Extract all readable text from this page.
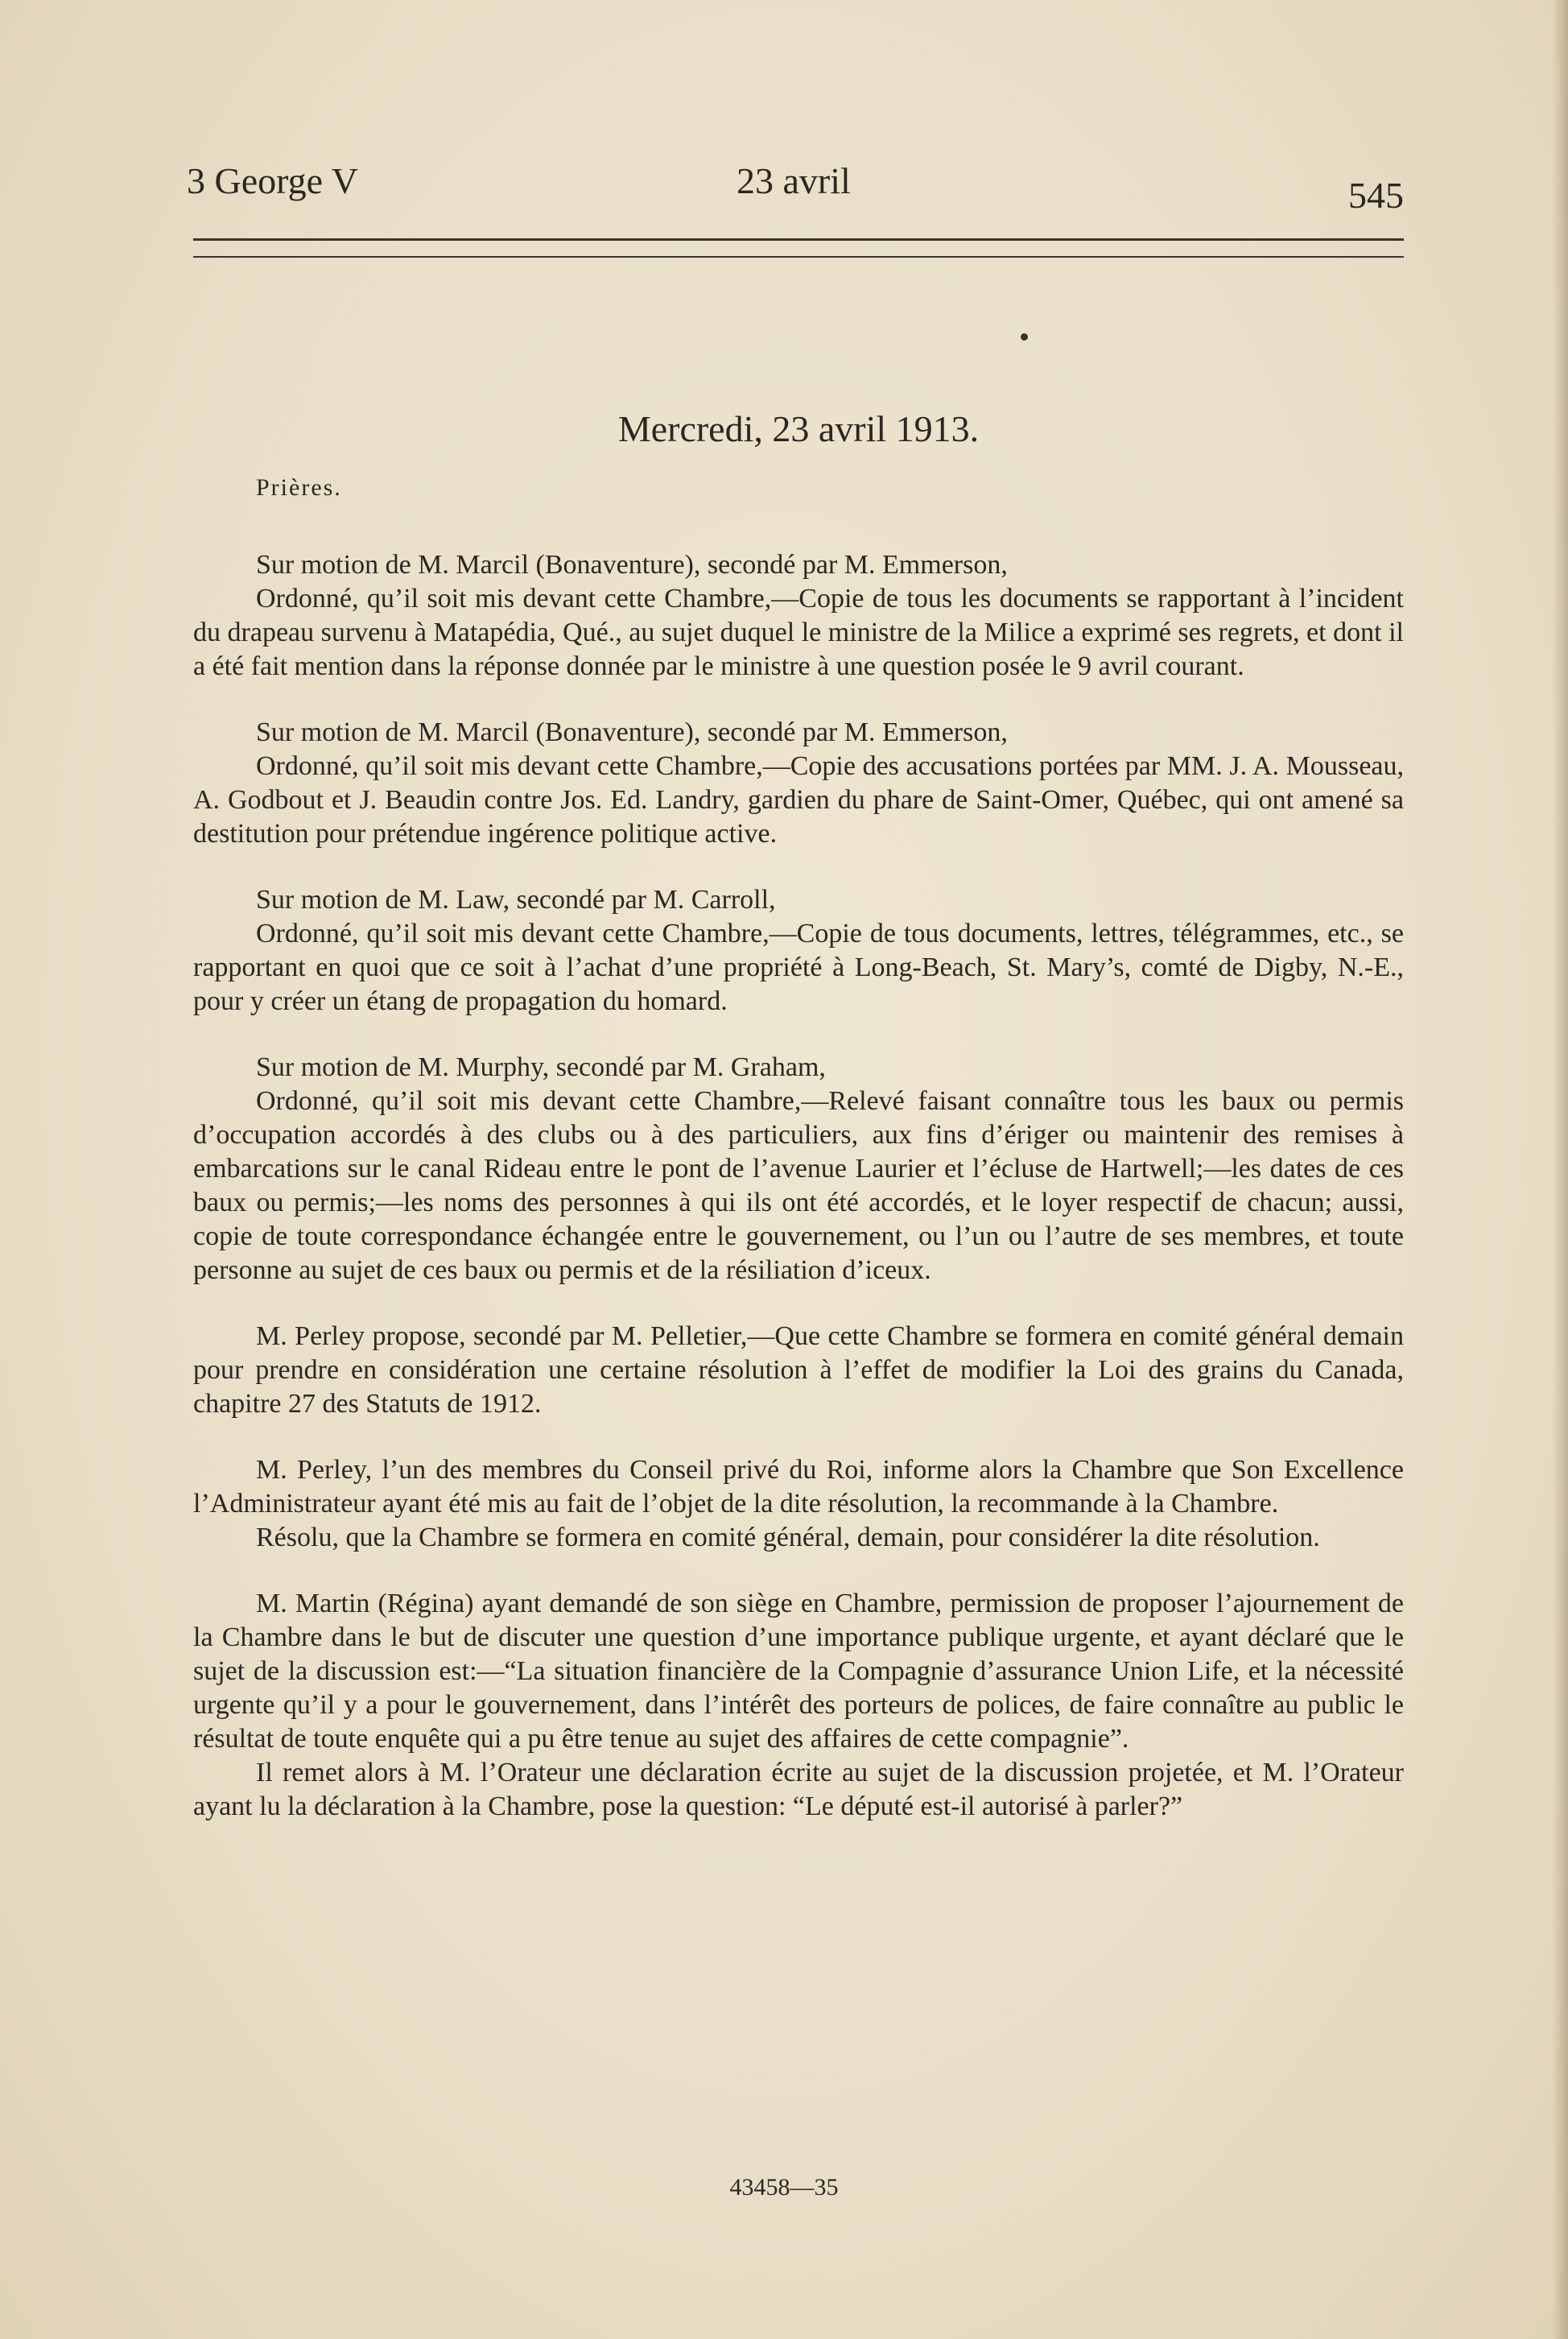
3 George V	23 avril	545
Mercredi, 23 avril 1913.
Prières.

Sur motion de M. Marcil (Bonaventure), secondé par M. Emmerson,

Ordonné, qu’il soit mis devant cette Chambre,—Copie de tous les documents se rapportant à l’incident du drapeau survenu à Matapédia, Qué., au sujet duquel le ministre de la Milice a exprimé ses regrets, et dont il a été fait mention dans la réponse donnée par le ministre à une question posée le 9 avril courant.

Sur motion de M. Marcil (Bonaventure), secondé par M. Emmerson,

Ordonné, qu’il soit mis devant cette Chambre,—Copie des accusations portées par MM. J. A. Mousseau, A. Godbout et J. Beaudin contre Jos. Ed. Landry, gardien du phare de Saint-Omer, Québec, qui ont amené sa destitution pour prétendue ingérence politique active.

Sur motion de M. Law, secondé par M. Carroll,

Ordonné, qu’il soit mis devant cette Chambre,—Copie de tous documents, lettres, télégrammes, etc., se rapportant en quoi que ce soit à l’achat d’une propriété à Long-Beach, St. Mary’s, comté de Digby, N.-E., pour y créer un étang de propagation du homard.

Sur motion de M. Murphy, secondé par M. Graham,

Ordonné, qu’il soit mis devant cette Chambre,—Relevé faisant connaître tous les baux ou permis d’occupation accordés à des clubs ou à des particuliers, aux fins d’ériger ou maintenir des remises à embarcations sur le canal Rideau entre le pont de l’avenue Laurier et l’écluse de Hartwell;—les dates de ces baux ou permis;—les noms des personnes à qui ils ont été accordés, et le loyer respectif de chacun; aussi, copie de toute correspondance échangée entre le gouvernement, ou l’un ou l’autre de ses membres, et toute personne au sujet de ces baux ou permis et de la résiliation d’iceux.

M. Perley propose, secondé par M. Pelletier,—Que cette Chambre se formera en comité général demain pour prendre en considération une certaine résolution à l’effet de modifier la Loi des grains du Canada, chapitre 27 des Statuts de 1912.

M. Perley, l’un des membres du Conseil privé du Roi, informe alors la Chambre que Son Excellence l’Administrateur ayant été mis au fait de l’objet de la dite résolution, la recommande à la Chambre.

Résolu, que la Chambre se formera en comité général, demain, pour considérer la dite résolution.

M. Martin (Régina) ayant demandé de son siège en Chambre, permission de proposer l’ajournement de la Chambre dans le but de discuter une question d’une importance publique urgente, et ayant déclaré que le sujet de la discussion est:—“La situation financière de la Compagnie d’assurance Union Life, et la nécessité urgente qu’il y a pour le gouvernement, dans l’intérêt des porteurs de polices, de faire connaître au public le résultat de toute enquête qui a pu être tenue au sujet des affaires de cette compagnie”.

Il remet alors à M. l’Orateur une déclaration écrite au sujet de la discussion projetée, et M. l’Orateur ayant lu la déclaration à la Chambre, pose la question: “Le député est-il autorisé à parler?”

43458—35
